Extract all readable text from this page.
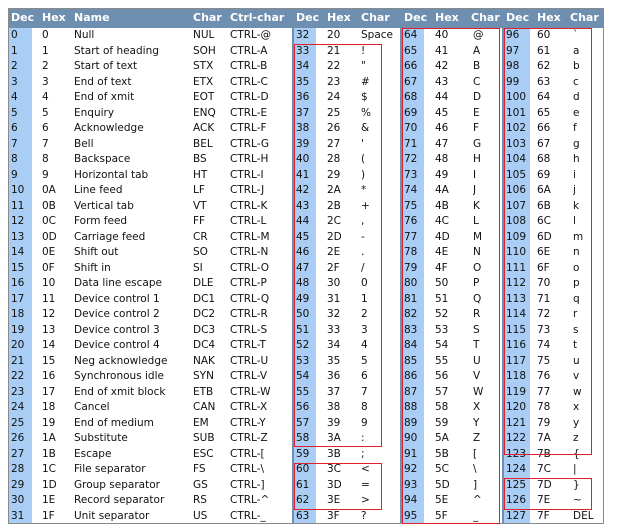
Dec Hex Name	Char Ctrl-char
0	0	Null	NUL	CTRL-@
1	1	Start of heading	SOH	CTRL-A
2	2	Start of text	STX	CTRL-B
3	3	End of text	ETX	CTRL-C
4	4	End of xmit	EOT	CTRL-D
5	5	Enquiry	ENQ	CTRL-E
6	6	Acknowledge	ACK	CTRL-F
7	7	Bell	BEL	CTRL-G
8	8	Backspace	BS	CTRL-H
9	9	Horizontal tab	HT	CTRL-I
10	0A	Line feed	LF	CTRL-J
11	0B	Vertical tab	VT	CTRL-K
12	0C	Form feed	FF	CTRL-L
13	0D	Carriage feed	CR	CTRL-M
14	0E	Shift out	SO	CTRL-N
15	0F	Shift in	SI	CTRL-O
16	10	Data line escape	DLE	CTRL-P
17	11	Device control 1	DC1	CTRL-Q
18	12	Device control 2	DC2	CTRL-R
19	13	Device control 3	DC3	CTRL-S
20	14	Device control 4	DC4	CTRL-T
21	15	Neg acknowledge	NAK	CTRL-U
22	16	Synchronous idle	SYN	CTRL-V
23	17	End of xmit block	ETB	CTRL-W
24	18	Cancel	CAN	CTRL-X
25	19	End of medium	EM	CTRL-Y
26	1A	Substitute	SUB	CTRL-Z
27	1B	Escape	ESC	CTRL-[
28	1C	File separator	FS	CTRL-\
29	1D	Group separator	GS	CTRL-]
30	1E	Record separator	RS	CTRL-^
31	1F	Unit separator	US	CTRL-_
Dec Hex Char
32	20	Space
33	21	!
34	22	"
35	23	#
36	24	$
37	25	%
38	26	&
39	27	'
40	28	(
41	29	)
42	2A	*
43	2B	+
44	2C	,
45	2D	-
46	2E	.
47	2F	/
48	30	0
49	31	1
50	32	2
51	33	3
52	34	4
53	35	5
54	36	6
55	37	7
56	38	8
57	39	9
58	3A	:
59	3B	;
60	3C	<
61	3D	=
62	3E	>
63	3F	?
Dec Hex Char
64	40	@
65	41	A
66	42	B
67	43	C
68	44	D
69	45	E
70	46	F
71	47	G
72	48	H
73	49	I
74	4A	J
75	4B	K
76	4C	L
77	4D	M
78	4E	N
79	4F	O
80	50	P
81	51	Q
82	52	R
83	53	S
84	54	T
85	55	U
86	56	V
87	57	W
88	58	X
89	59	Y
90	5A	Z
91	5B	[
92	5C	\
93	5D	]
94	5E	^
95	5F	_
Dec Hex Char
96	60	`
97	61	a
98	62	b
99	63	c
100	64	d
101	65	e
102	66	f
103	67	g
104	68	h
105	69	i
106	6A	j
107	6B	k
108	6C	l
109	6D	m
110	6E	n
111	6F	o
112	70	p
113	71	q
114	72	r
115	73	s
116	74	t
117	75	u
118	76	v
119	77	w
120	78	x
121	79	y
122	7A	z
123	7B	{
124	7C	|
125	7D	}
126	7E	~
127	7F	DEL
